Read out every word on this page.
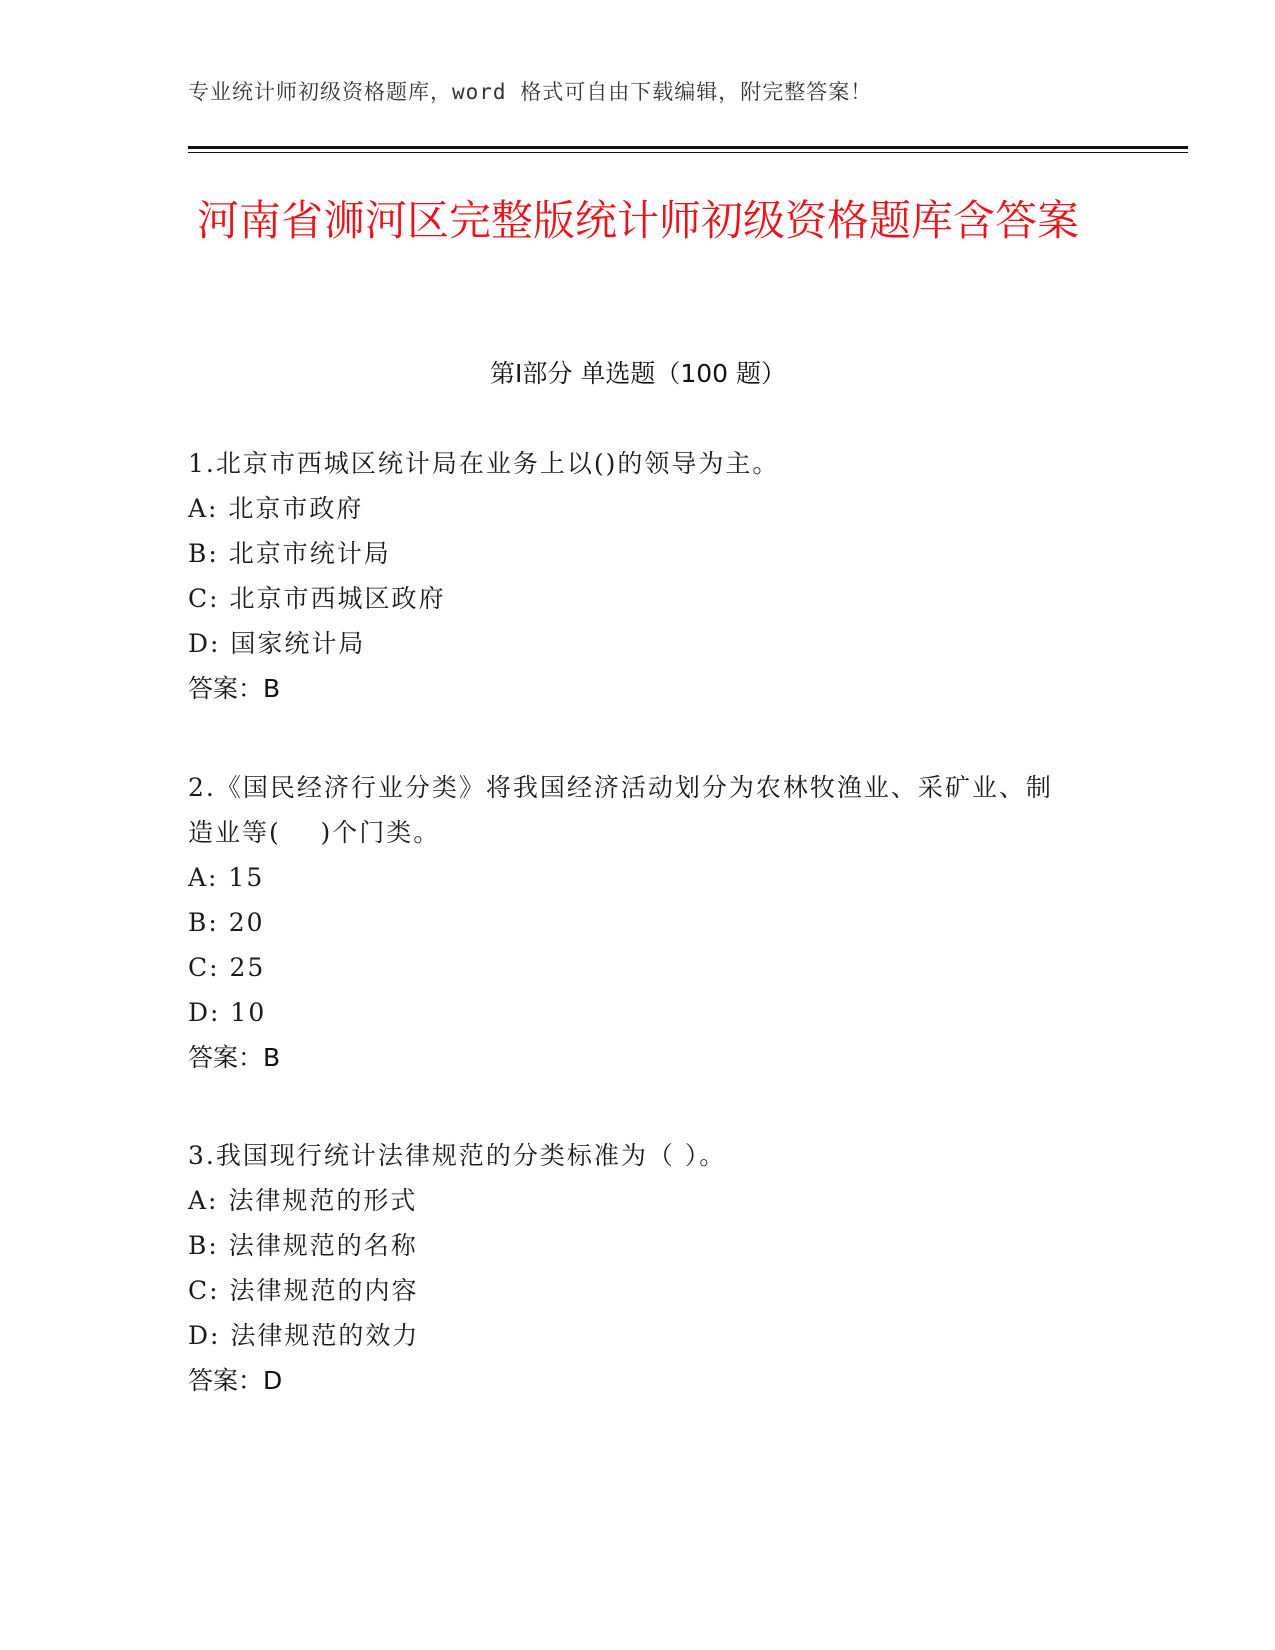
专业统计师初级资格题库，word 格式可自由下载编辑，附完整答案！
河南省浉河区完整版统计师初级资格题库含答案
第Ⅰ部分 单选题（100 题）
1.北京市西城区统计局在业务上以()的领导为主。
A: 北京市政府
B: 北京市统计局
C: 北京市西城区政府
D: 国家统计局
答案：B
2.《国民经济行业分类》将我国经济活动划分为农林牧渔业、采矿业、制造业等(    )个门类。
A: 15
B: 20
C: 25
D: 10
答案：B
3.我国现行统计法律规范的分类标准为（ ）。
A: 法律规范的形式
B: 法律规范的名称
C: 法律规范的内容
D: 法律规范的效力
答案：D
